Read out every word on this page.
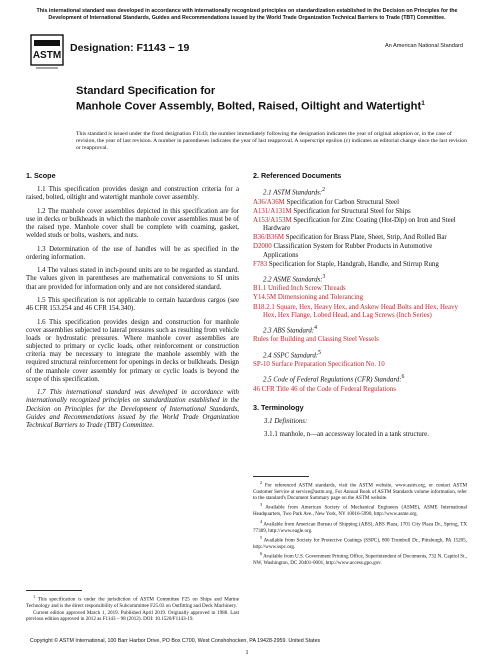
This international standard was developed in accordance with internationally recognized principles on standardization established in the Decision on Principles for the Development of International Standards, Guides and Recommendations issued by the World Trade Organization Technical Barriers to Trade (TBT) Committee.
ASTM
Designation: F1143 − 19	An American National Standard
Standard Specification for
Manhole Cover Assembly, Bolted, Raised, Oiltight and Watertight$^1$
This standard is issued under the fixed designation F1143; the number immediately following the designation indicates the year of original adoption or, in the case of revision, the year of last revision. A number in parentheses indicates the year of last reapproval. A superscript epsilon (ε) indicates an editorial change since the last revision or reapproval.

1. Scope

1.1 This specification provides design and construction criteria for a raised, bolted, oiltight and watertight manhole cover assembly.

1.2 The manhole cover assemblies depicted in this specification are for use in decks or bulkheads in which the manhole cover assemblies must be of the raised type. Manhole cover shall be complete with coaming, gasket, welded studs or bolts, washers, and nuts.

1.3 Determination of the use of handles will be as specified in the ordering information.

1.4 The values stated in inch-pound units are to be regarded as standard. The values given in parentheses are mathematical conversions to SI units that are provided for information only and are not considered standard.

1.5 This specification is not applicable to certain hazardous cargos (see 46 CFR 153.254 and 46 CFR 154.340).

1.6 This specification provides design and construction for manhole cover assemblies subjected to lateral pressures such as resulting from vehicle loads or hydrostatic pressures. Where manhole cover assemblies are subjected to primary or cyclic loads, other reinforcement or construction criteria may be necessary to integrate the manhole assembly with the required structural reinforcement for openings in decks or bulkheads. Design of the manhole cover assembly for primary or cyclic loads is beyond the scope of this specification.

1.7 This international standard was developed in accordance with internationally recognized principles on standardization established in the Decision on Principles for the Development of International Standards, Guides and Recommendations issued by the World Trade Organization Technical Barriers to Trade (TBT) Committee.

2. Referenced Documents

2.1 ASTM Standards:$^2$
A36/A36M Specification for Carbon Structural Steel
A131/A131M Specification for Structural Steel for Ships
A153/A153M Specification for Zinc Coating (Hot-Dip) on Iron and Steel Hardware
B36/B36M Specification for Brass Plate, Sheet, Strip, And Rolled Bar
D2000 Classification System for Rubber Products in Automotive Applications
F783 Specification for Staple, Handgrab, Handle, and Stirrup Rung
2.2 ASME Standards:$^3$
B1.1 Unified Inch Screw Threads
Y14.5M Dimensioning and Tolerancing
B18.2.1 Square, Hex, Heavy Hex, and Askew Head Bolts and Hex, Heavy Hex, Hex Flange, Lobed Head, and Lag Screws (Inch Series)
2.3 ABS Standard:$^4$
Rules for Building and Classing Steel Vessels
2.4 SSPC Standard:$^5$
SP-10 Surface Preparation Specification No. 10
2.5 Code of Federal Regulations (CFR) Standard:$^6$
46 CFR Title 46 of the Code of Federal Regulations

3. Terminology

3.1 Definitions:

3.1.1 manhole, n—an accessway located in a tank structure.

$^2$ For referenced ASTM standards, visit the ASTM website, www.astm.org, or contact ASTM Customer Service at service@astm.org. For Annual Book of ASTM Standards volume information, refer to the standard's Document Summary page on the ASTM website.

$^3$ Available from American Society of Mechanical Engineers (ASME), ASME International Headquarters, Two Park Ave., New York, NY 10016-5990, http://www.asme.org.

$^4$ Available from American Bureau of Shipping (ABS), ABS Plaza, 1701 City Plaza Dr., Spring, TX 77389, http://www.eagle.org.

$^5$ Available from Society for Protective Coatings (SSPC), 800 Trumbull Dr., Pittsburgh, PA 15205, http://www.sspc.org.

$^6$ Available from U.S. Government Printing Office, Superintendent of Documents, 732 N. Capitol St., NW, Washington, DC 20401-0001, http://www.access.gpo.gov.

$^1$ This specification is under the jurisdiction of ASTM Committee F25 on Ships and Marine Technology and is the direct responsibility of Subcommittee F25.03 on Outfitting and Deck Machinery.

Current edition approved March 1, 2019. Published April 2019. Originally approved in 1988. Last previous edition approved in 2012 as F1143 – 98 (2012). DOI: 10.1520/F1143-19.

Copyright © ASTM International, 100 Barr Harbor Drive, PO Box C700, West Conshohocken, PA 19428-2959. United States
1
